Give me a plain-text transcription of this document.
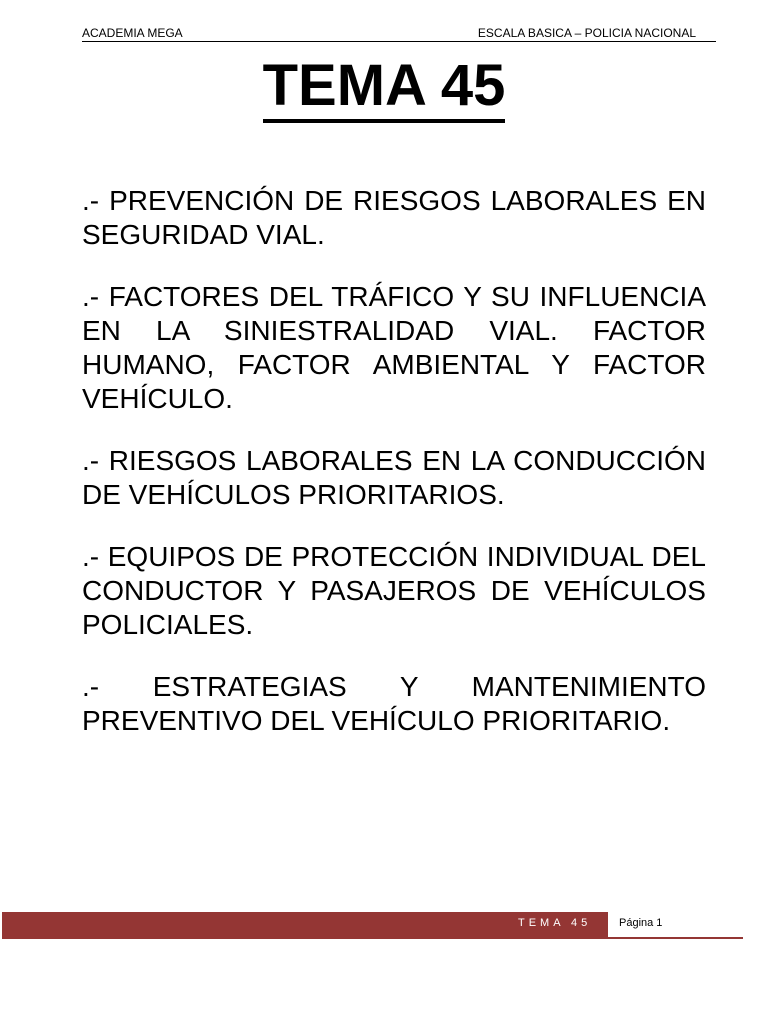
ACADEMIA MEGA	ESCALA BASICA – POLICIA NACIONAL
TEMA 45
.- PREVENCIÓN DE RIESGOS LABORALES EN SEGURIDAD VIAL.
.- FACTORES DEL TRÁFICO Y SU INFLUENCIA EN LA SINIESTRALIDAD VIAL. FACTOR HUMANO, FACTOR AMBIENTAL Y FACTOR VEHÍCULO.
.- RIESGOS LABORALES EN LA CONDUCCIÓN DE VEHÍCULOS PRIORITARIOS.
.- EQUIPOS DE PROTECCIÓN INDIVIDUAL DEL CONDUCTOR Y PASAJEROS DE VEHÍCULOS POLICIALES.
.- ESTRATEGIAS Y MANTENIMIENTO PREVENTIVO DEL VEHÍCULO PRIORITARIO.
TEMA 45	Página 1
